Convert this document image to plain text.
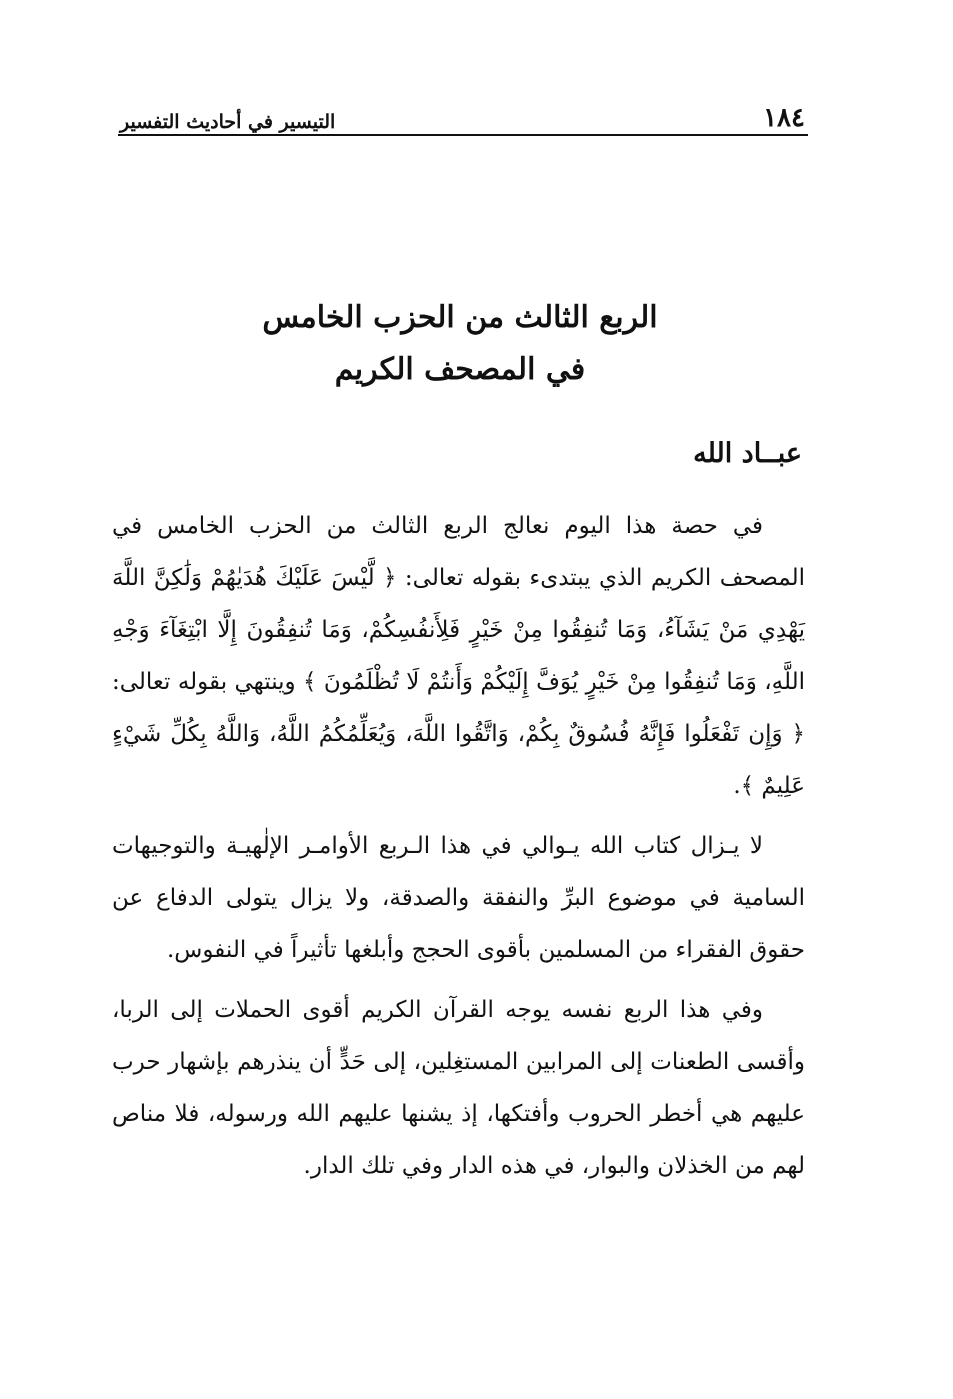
١٨٤
التيسير في أحاديث التفسير
الربع الثالث من الحزب الخامس
في المصحف الكريم
عبــاد الله

في حصة هذا اليوم نعالج الربع الثالث من الحزب الخامس في المصحف الكريم الذي يبتدىء بقوله تعالى: ﴿ لَّيْسَ عَلَيْكَ هُدَيٰهُمْ وَلَٰكِنَّ اللَّهَ يَهْدِي مَنْ يَشَآءُ، وَمَا تُنفِقُوا مِنْ خَيْرٍ فَلِأَنفُسِكُمْ، وَمَا تُنفِقُونَ إِلَّا ابْتِغَآءَ وَجْهِ اللَّهِ، وَمَا تُنفِقُوا مِنْ خَيْرٍ يُوَفَّ إِلَيْكُمْ وَأَنتُمْ لَا تُظْلَمُونَ ﴾ وينتهي بقوله تعالى: ﴿ وَإِن تَفْعَلُوا فَإِنَّهُ فُسُوقٌ بِكُمْ، وَاتَّقُوا اللَّهَ، وَيُعَلِّمُكُمُ اللَّهُ، وَاللَّهُ بِكُلِّ شَيْءٍ عَلِيمٌ ﴾.

لا يـزال كتاب الله يـوالي في هذا الـربع الأوامـر الإلٰهيـة والتوجيهات السامية في موضوع البرِّ والنفقة والصدقة، ولا يزال يتولى الدفاع عن حقوق الفقراء من المسلمين بأقوى الحجج وأبلغها تأثيراً في النفوس.

وفي هذا الربع نفسه يوجه القرآن الكريم أقوى الحملات إلى الربا، وأقسى الطعنات إلى المرابين المستغِلين، إلى حَدٍّ أن ينذرهم بإشهار حرب عليهم هي أخطر الحروب وأفتكها، إذ يشنها عليهم الله ورسوله، فلا مناص لهم من الخذلان والبوار، في هذه الدار وفي تلك الدار.
